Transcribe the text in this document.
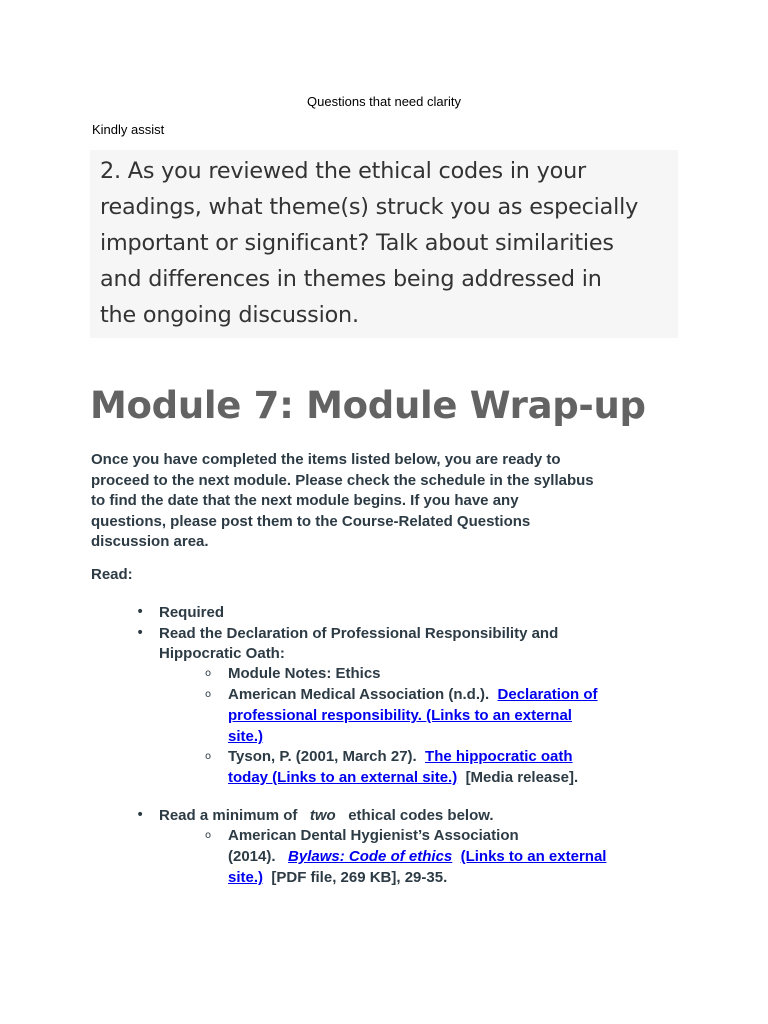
Questions that need clarity
Kindly assist
2. As you reviewed the ethical codes in your
readings, what theme(s) struck you as especially
important or significant? Talk about similarities
and differences in themes being addressed in
the ongoing discussion.
Module 7: Module Wrap-up
Once you have completed the items listed below, you are ready to
proceed to the next module. Please check the schedule in the syllabus
to find the date that the next module begins. If you have any
questions, please post them to the Course-Related Questions
discussion area.
Read:
• Required
• Read the Declaration of Professional Responsibility and
Hippocratic Oath:
o Module Notes: Ethics
o American Medical Association (n.d.). Declaration of
professional responsibility. (Links to an external
site.)
o Tyson, P. (2001, March 27). The hippocratic oath
today (Links to an external site.) [Media release].
• Read a minimum of two ethical codes below.
o American Dental Hygienist’s Association
(2014). Bylaws: Code of ethics (Links to an external
site.) [PDF file, 269 KB], 29-35.
